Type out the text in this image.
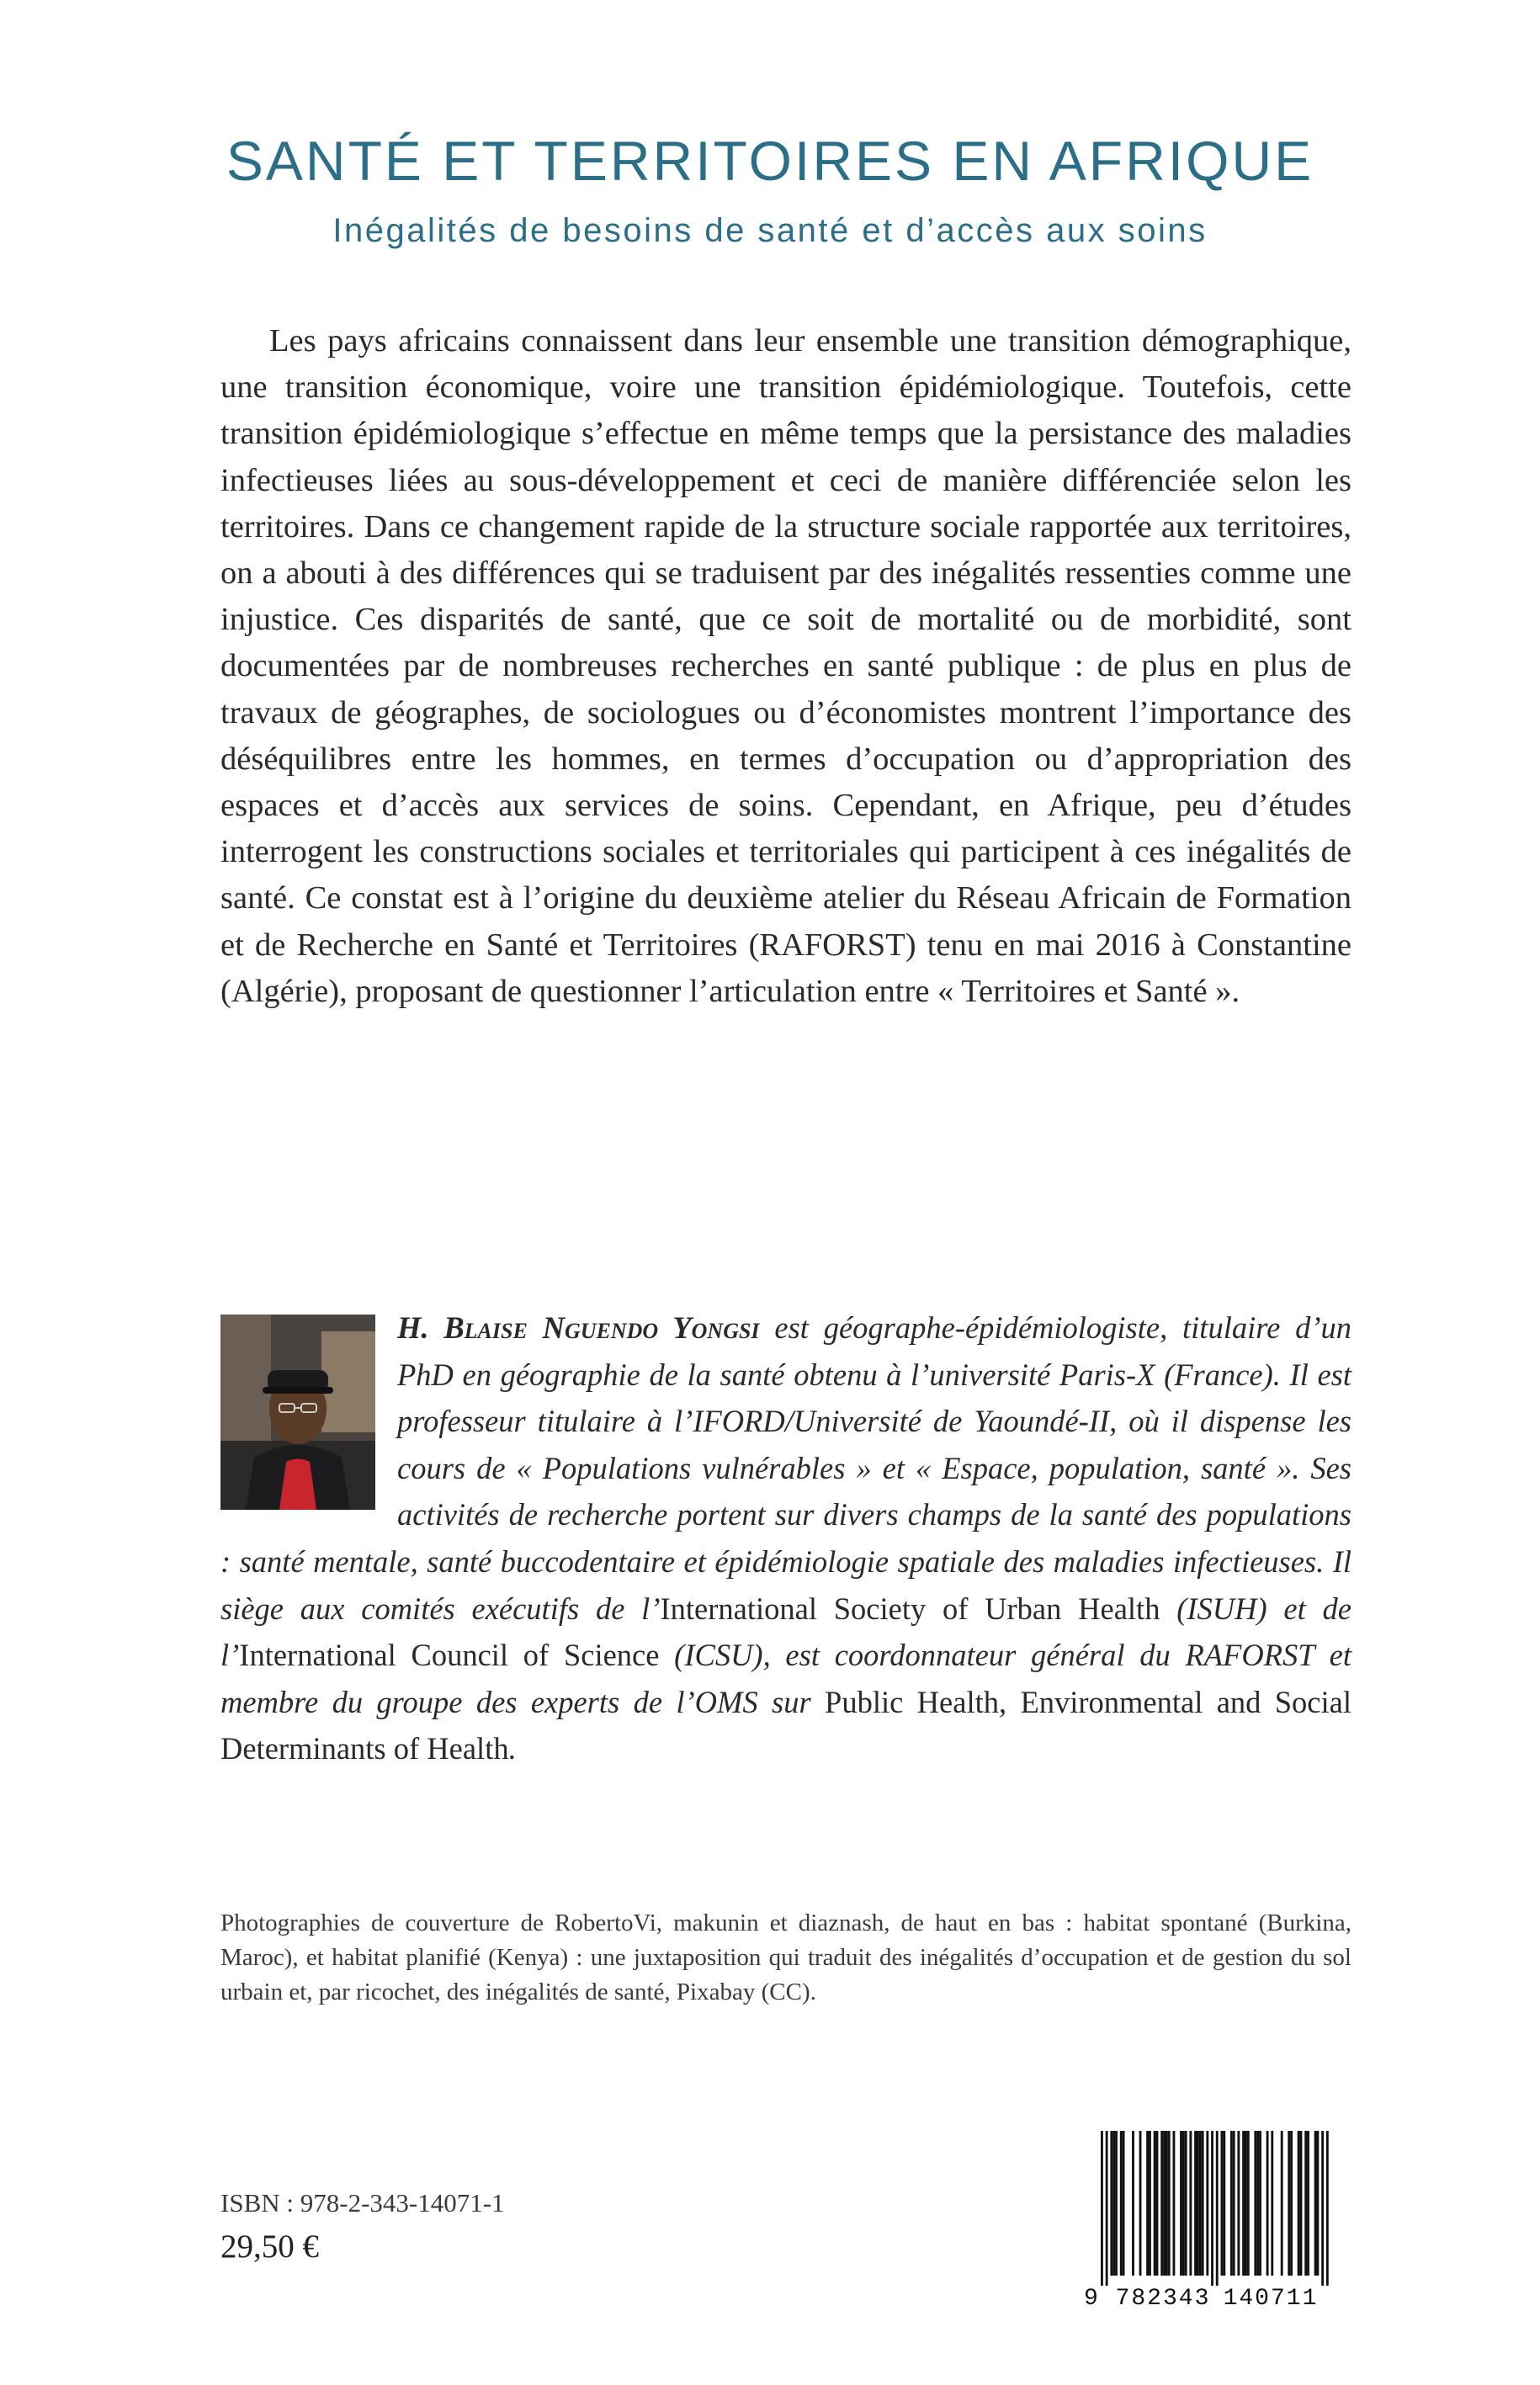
SANTÉ ET TERRITOIRES EN AFRIQUE
Inégalités de besoins de santé et d’accès aux soins

Les pays africains connaissent dans leur ensemble une transition démographique, une transition économique, voire une transition épidémiologique. Toutefois, cette transition épidémiologique s’effectue en même temps que la persistance des maladies infectieuses liées au sous-développement et ceci de manière différenciée selon les territoires. Dans ce changement rapide de la structure sociale rapportée aux territoires, on a abouti à des différences qui se traduisent par des inégalités ressenties comme une injustice. Ces disparités de santé, que ce soit de mortalité ou de morbidité, sont documentées par de nombreuses recherches en santé publique : de plus en plus de travaux de géographes, de sociologues ou d’économistes montrent l’importance des déséquilibres entre les hommes, en termes d’occupation ou d’appropriation des espaces et d’accès aux services de soins. Cependant, en Afrique, peu d’études interrogent les constructions sociales et territoriales qui participent à ces inégalités de santé. Ce constat est à l’origine du deuxième atelier du Réseau Africain de Formation et de Recherche en Santé et Territoires (RAFORST) tenu en mai 2016 à Constantine (Algérie), proposant de questionner l’articulation entre « Territoires et Santé ».

H. Blaise Nguendo Yongsi est géographe-épidémiologiste, titulaire d’un PhD en géographie de la santé obtenu à l’université Paris-X (France). Il est professeur titulaire à l’IFORD/Université de Yaoundé-II, où il dispense les cours de « Populations vulnérables » et « Espace, population, santé ». Ses activités de recherche portent sur divers champs de la santé des populations : santé mentale, santé buccodentaire et épidémiologie spatiale des maladies infectieuses. Il siège aux comités exécutifs de l’International Society of Urban Health (ISUH) et de l’International Council of Science (ICSU), est coordonnateur général du RAFORST et membre du groupe des experts de l’OMS sur Public Health, Environmental and Social Determinants of Health.

Photographies de couverture de RobertoVi, makunin et diaznash, de haut en bas : habitat spontané (Burkina, Maroc), et habitat planifié (Kenya) : une juxtaposition qui traduit des inégalités d’occupation et de gestion du sol urbain et, par ricochet, des inégalités de santé, Pixabay (CC).

ISBN : 978-2-343-14071-1
29,50 €
9 782343 140711
